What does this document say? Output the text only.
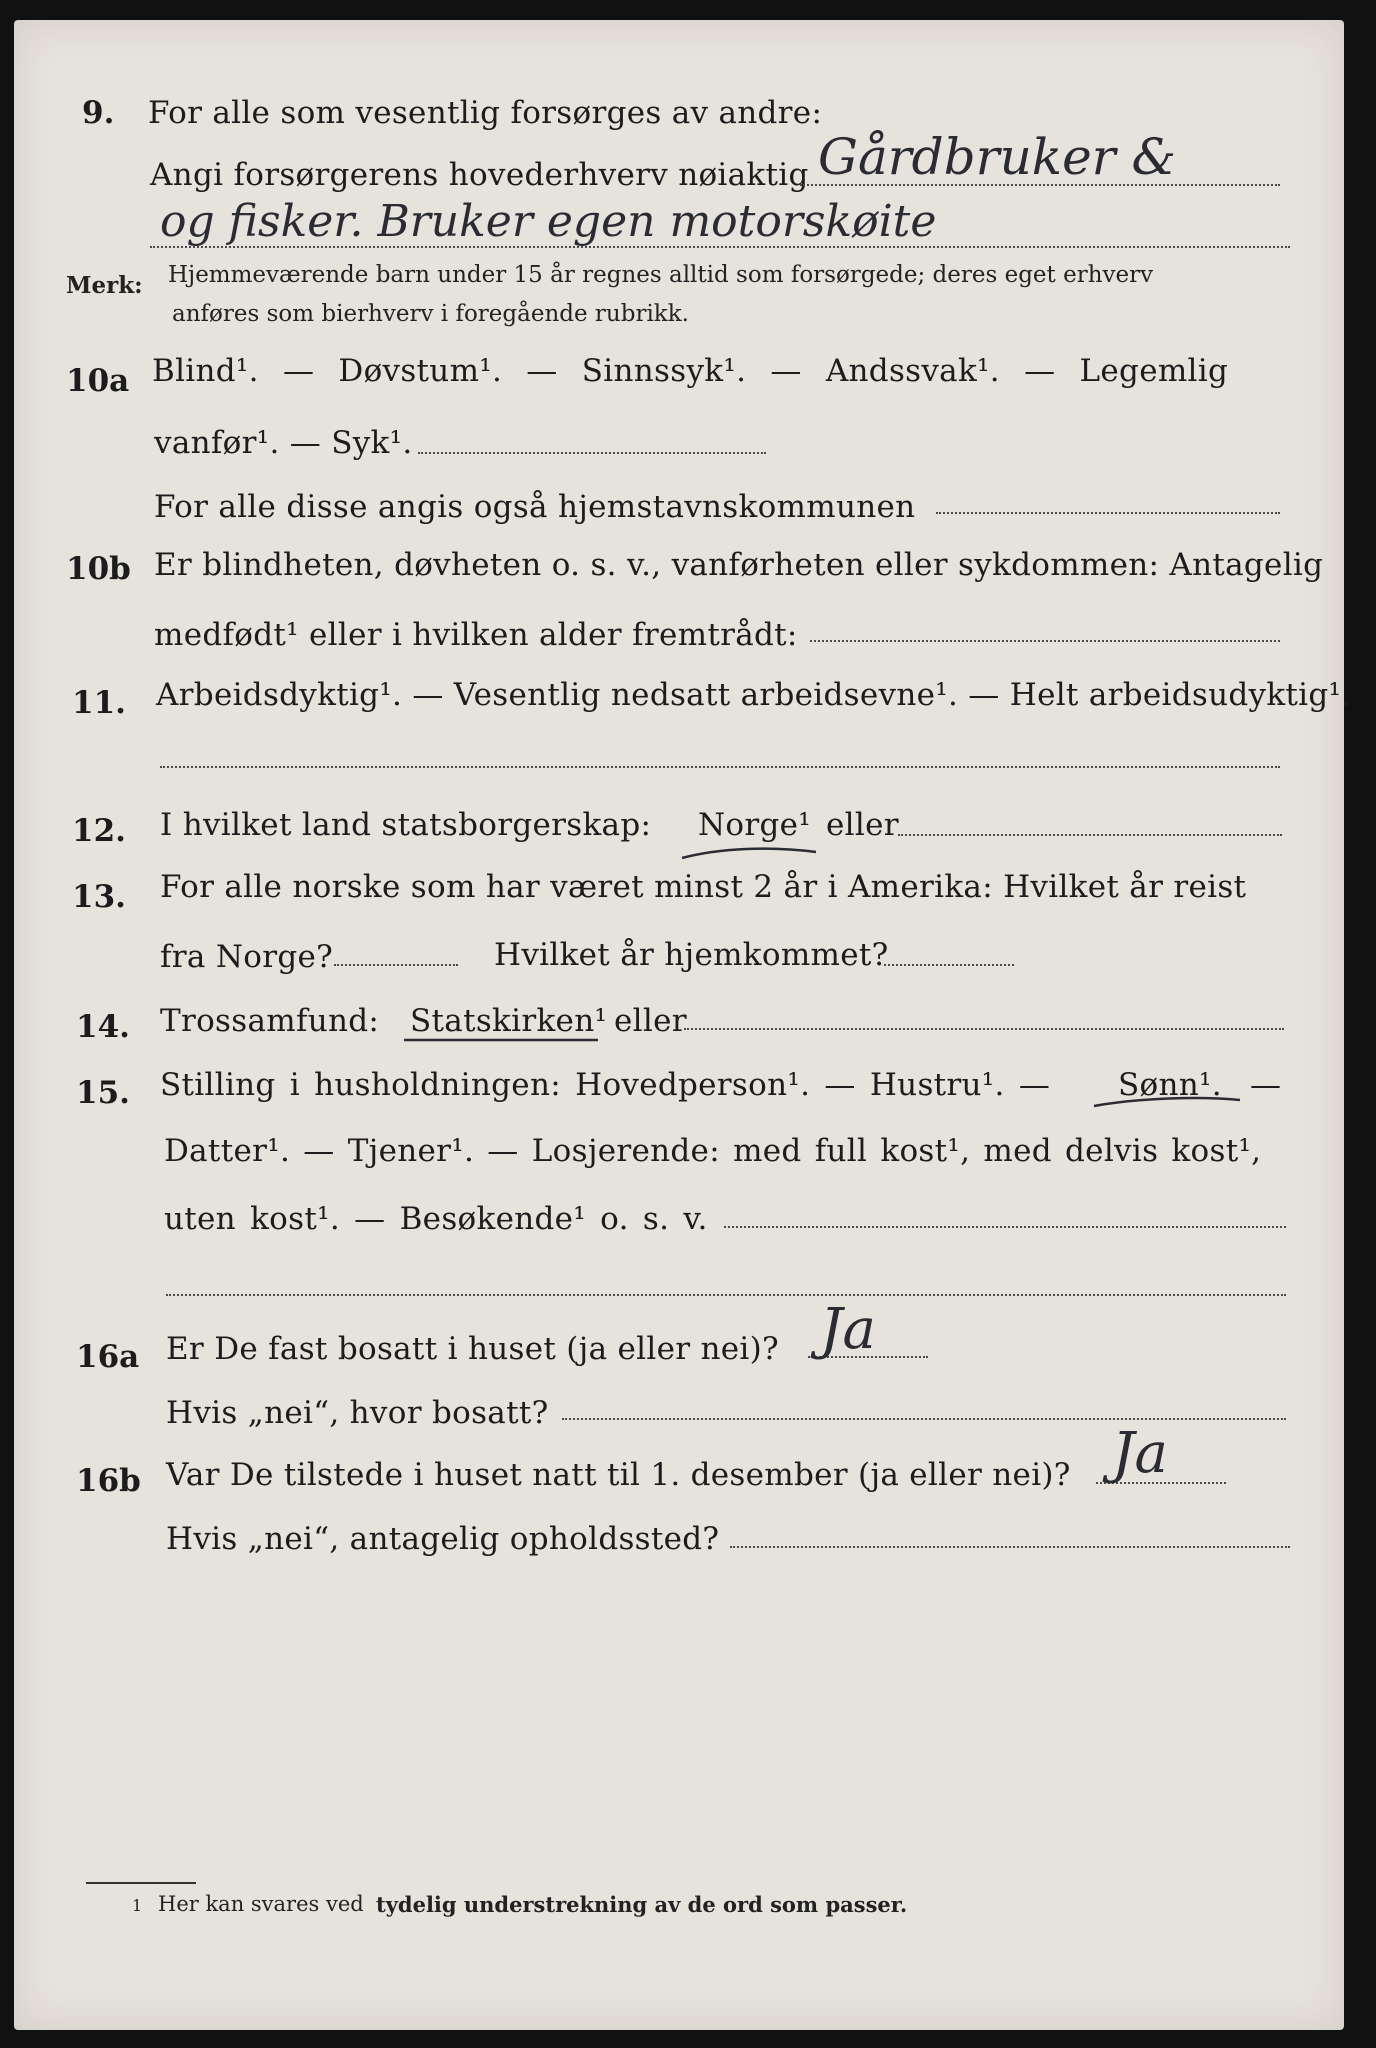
9. For alle som vesentlig forsørges av andre:
Angi forsørgerens hovederhverv nøiaktig Gårdbruker &
og fisker. Bruker egen motorskøite
Merk: Hjemmeværende barn under 15 år regnes alltid som forsørgede; deres eget erhverv
anføres som bierhverv i foregående rubrikk.
10a Blind¹. — Døvstum¹. — Sinnssyk¹. — Andssvak¹. — Legemlig
vanfør¹. — Syk¹.
For alle disse angis også hjemstavnskommunen
10b Er blindheten, døvheten o. s. v., vanførheten eller sykdommen: Antagelig
medfødt¹ eller i hvilken alder fremtrådt:
11. Arbeidsdyktig¹. — Vesentlig nedsatt arbeidsevne¹. — Helt arbeidsudyktig¹.
12. I hvilket land statsborgerskap: Norge¹ eller
13. For alle norske som har været minst 2 år i Amerika: Hvilket år reist
fra Norge?	Hvilket år hjemkommet?
14. Trossamfund: Statskirken¹ eller
15. Stilling i husholdningen: Hovedperson¹. — Hustru¹. — Sønn¹. —
Datter¹. — Tjener¹. — Losjerende: med full kost¹, med delvis kost¹,
uten kost¹. — Besøkende¹ o. s. v.
16a Er De fast bosatt i huset (ja eller nei)? Ja
Hvis „nei“, hvor bosatt?
16b Var De tilstede i huset natt til 1. desember (ja eller nei)? Ja
Hvis „nei“, antagelig opholdssted?
1 Her kan svares ved tydelig understrekning av de ord som passer.
